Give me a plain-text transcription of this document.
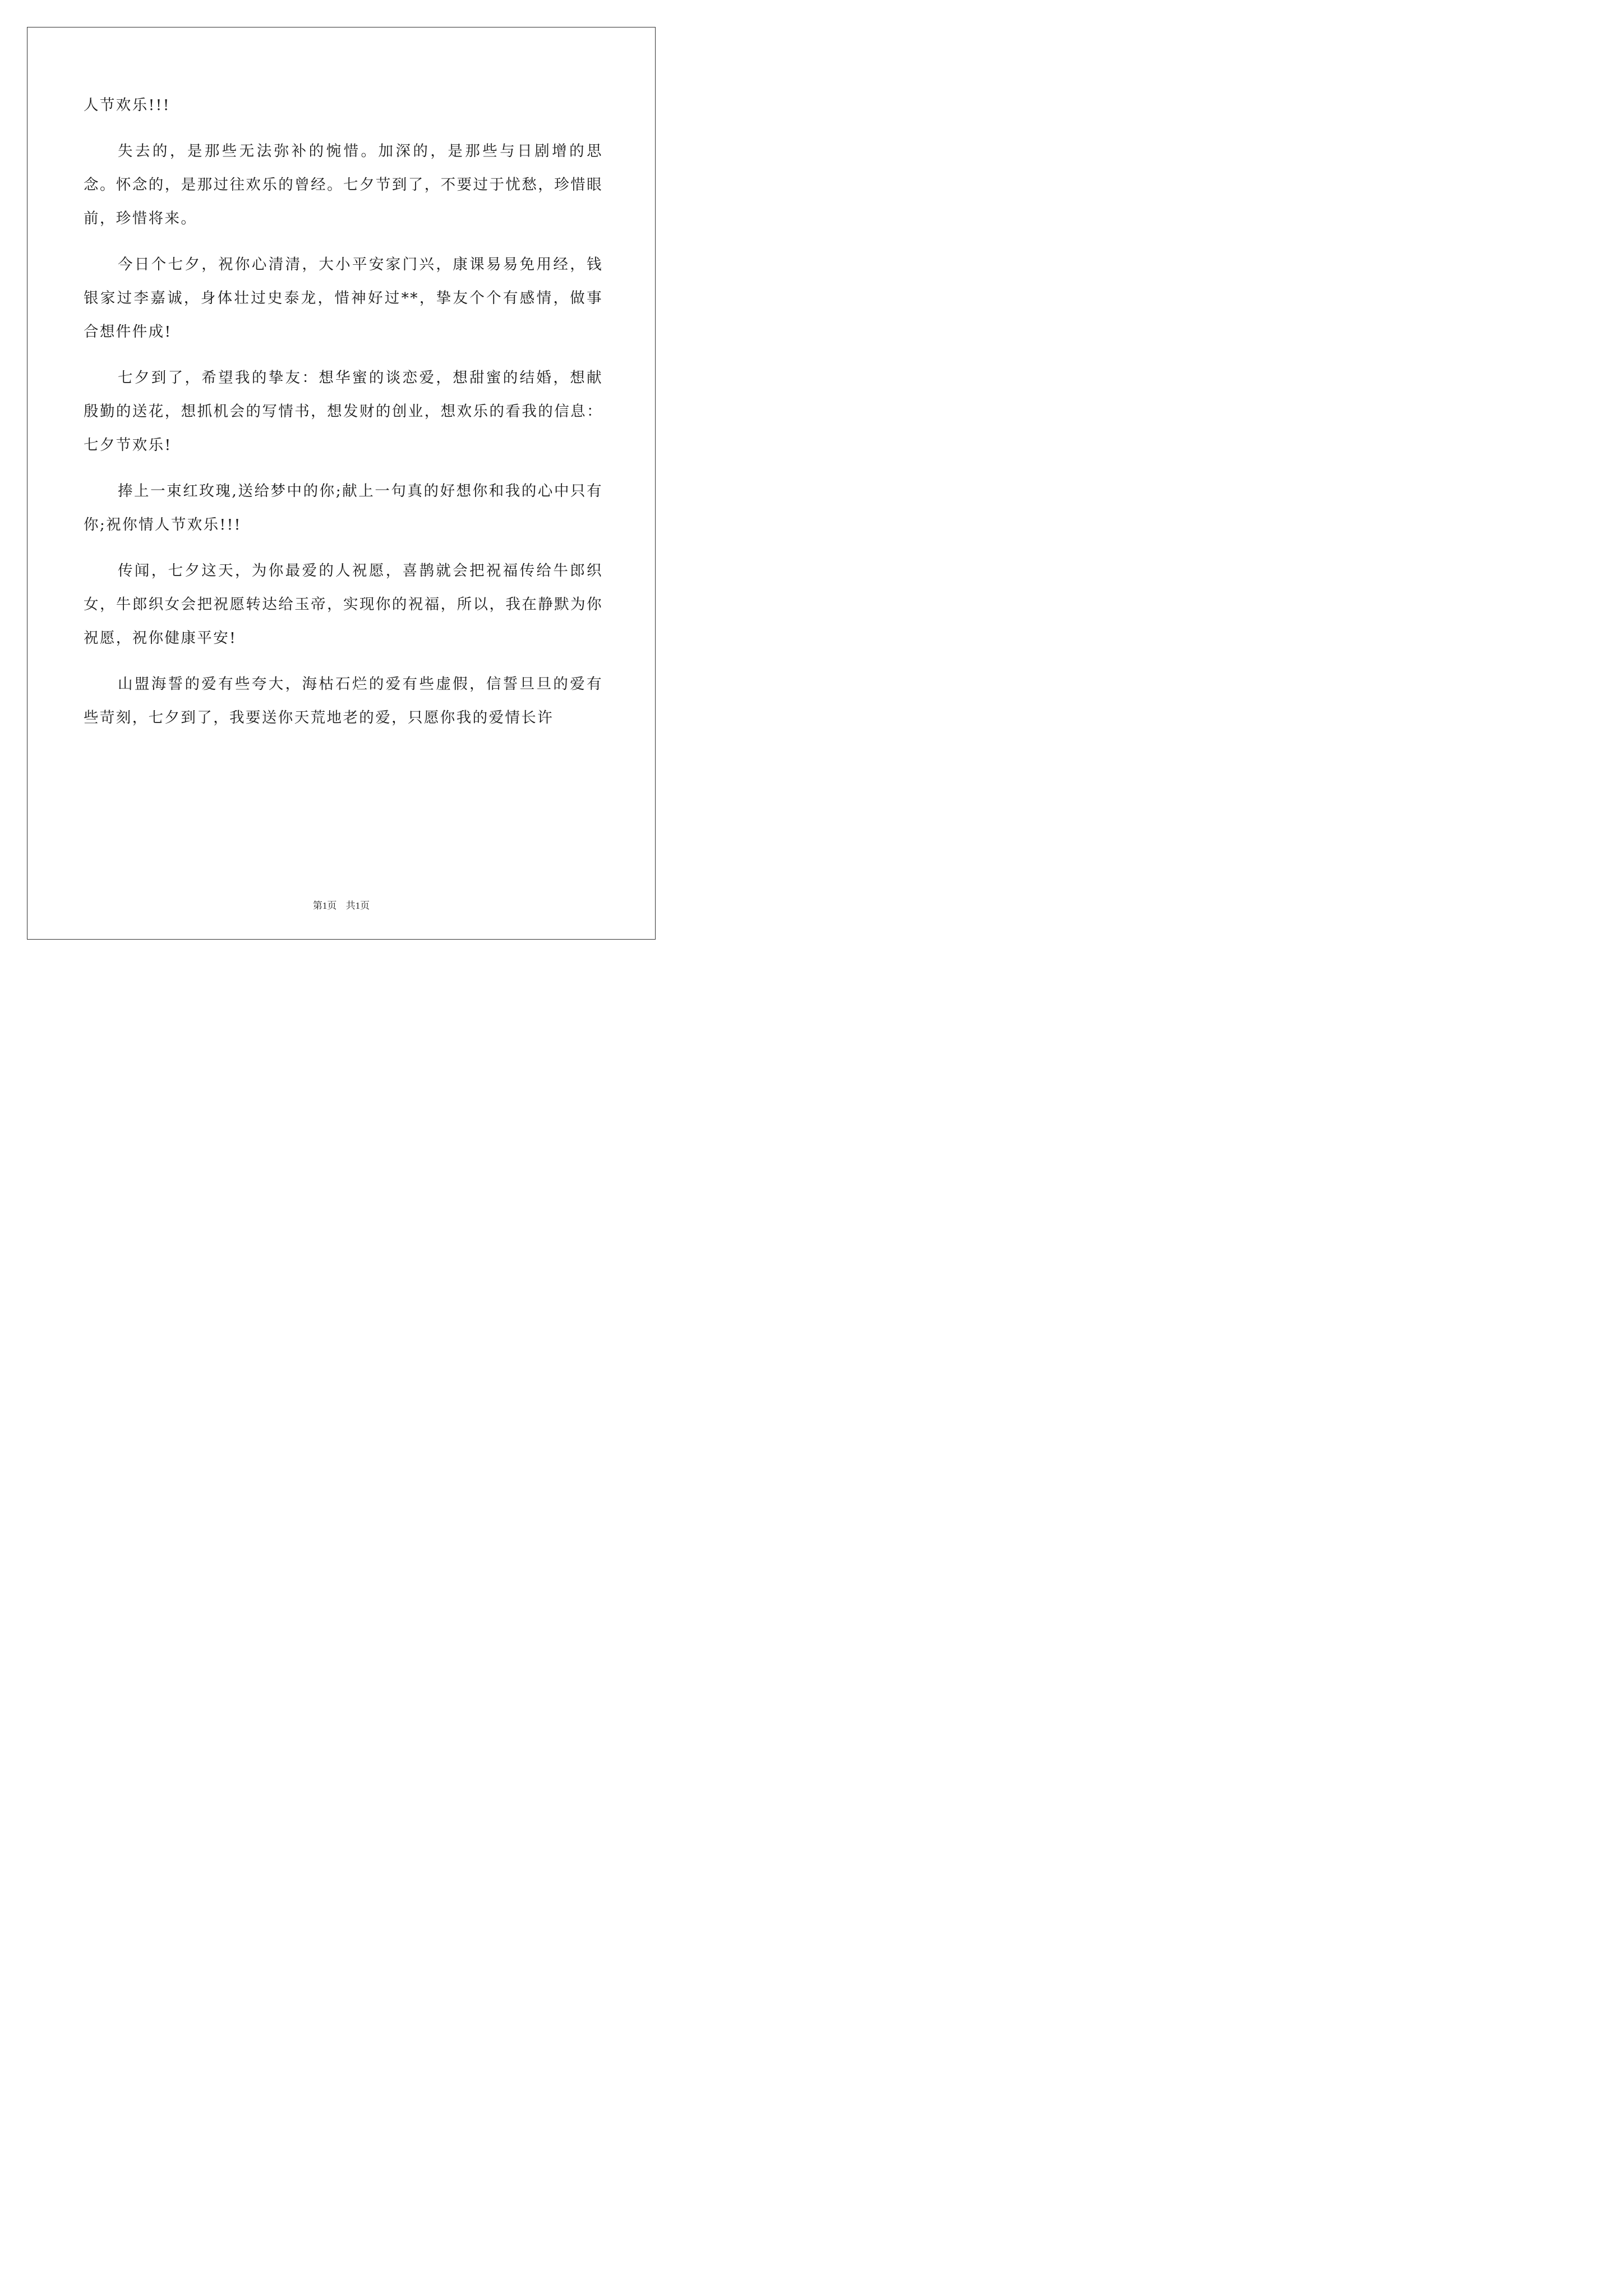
人节欢乐!!!

失去的，是那些无法弥补的惋惜。加深的，是那些与日剧增的思念。怀念的，是那过往欢乐的曾经。七夕节到了，不要过于忧愁，珍惜眼前，珍惜将来。

今日个七夕，祝你心清清，大小平安家门兴，康课易易免用经，钱银家过李嘉诚，身体壮过史泰龙，惜神好过**，挚友个个有感情，做事合想件件成!

七夕到了，希望我的挚友：想华蜜的谈恋爱，想甜蜜的结婚，想献殷勤的送花，想抓机会的写情书，想发财的创业，想欢乐的看我的信息：七夕节欢乐!

捧上一束红玫瑰,送给梦中的你;献上一句真的好想你和我的心中只有你;祝你情人节欢乐!!!

传闻，七夕这天，为你最爱的人祝愿，喜鹊就会把祝福传给牛郎织女，牛郎织女会把祝愿转达给玉帝，实现你的祝福，所以，我在静默为你祝愿，祝你健康平安!

山盟海誓的爱有些夸大，海枯石烂的爱有些虚假，信誓旦旦的爱有些苛刻，七夕到了，我要送你天荒地老的爱，只愿你我的爱情长许

第1页 共1页
